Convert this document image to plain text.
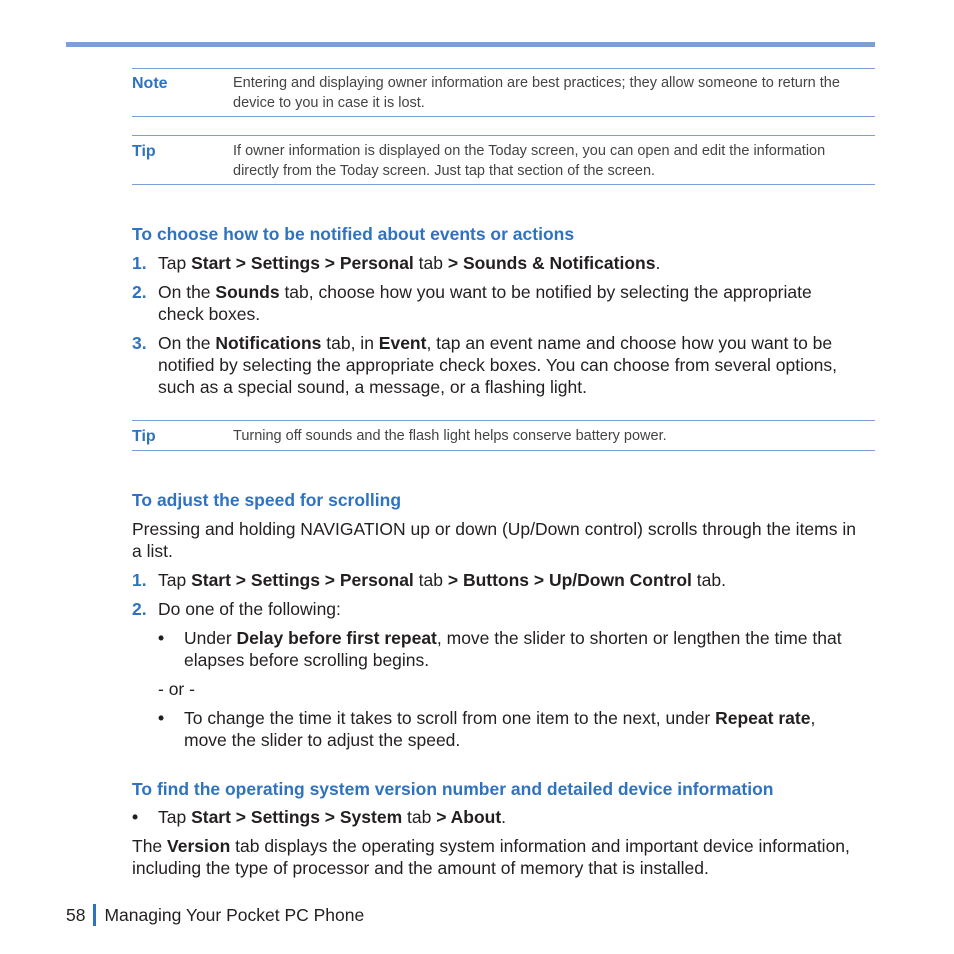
Note	Entering and displaying owner information are best practices; they allow someone to return the device to you in case it is lost.
Tip	If owner information is displayed on the Today screen, you can open and edit the information directly from the Today screen. Just tap that section of the screen.
To choose how to be notified about events or actions
1. Tap Start > Settings > Personal tab > Sounds & Notifications.
2. On the Sounds tab, choose how you want to be notified by selecting the appropriate check boxes.
3. On the Notifications tab, in Event, tap an event name and choose how you want to be notified by selecting the appropriate check boxes. You can choose from several options, such as a special sound, a message, or a flashing light.
Tip	Turning off sounds and the flash light helps conserve battery power.
To adjust the speed for scrolling
Pressing and holding NAVIGATION up or down (Up/Down control) scrolls through the items in a list.
1. Tap Start > Settings > Personal tab > Buttons > Up/Down Control tab.
2. Do one of the following:
• Under Delay before first repeat, move the slider to shorten or lengthen the time that elapses before scrolling begins.
- or -
• To change the time it takes to scroll from one item to the next, under Repeat rate, move the slider to adjust the speed.
To find the operating system version number and detailed device information
• Tap Start > Settings > System tab > About.
The Version tab displays the operating system information and important device information, including the type of processor and the amount of memory that is installed.
58 Managing Your Pocket PC Phone
